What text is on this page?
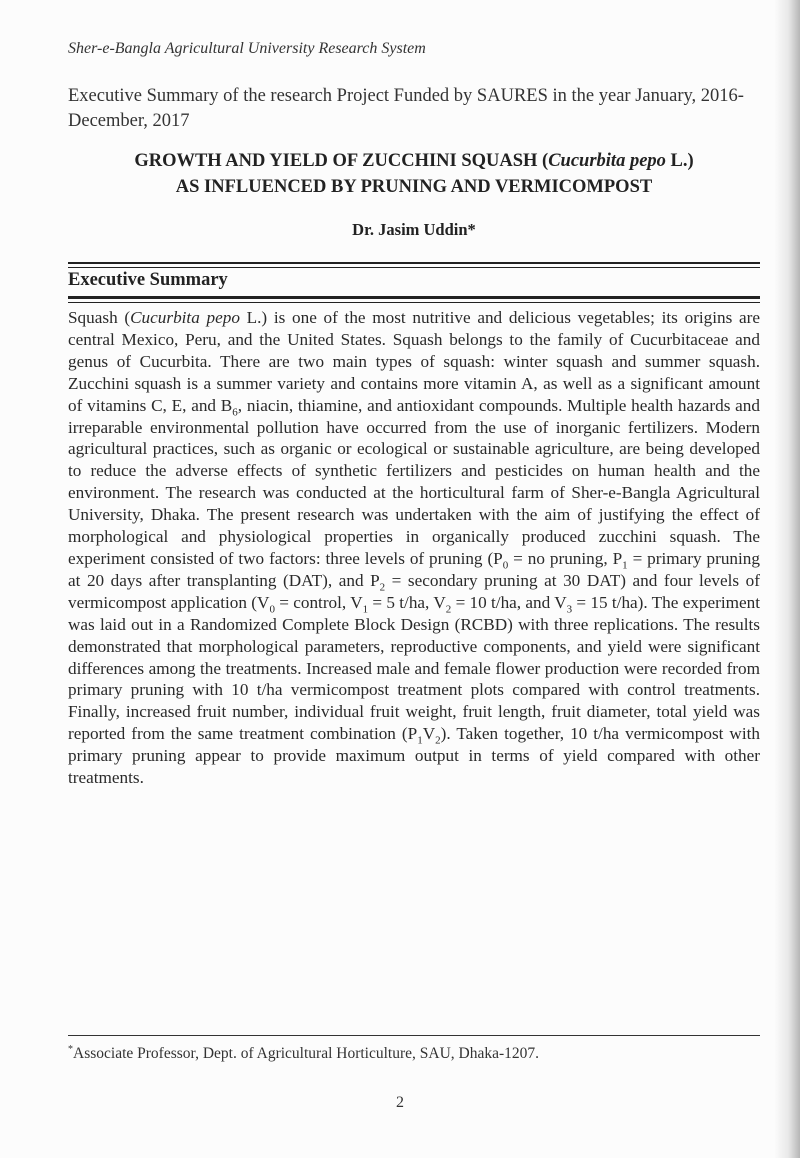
Sher-e-Bangla Agricultural University Research System
Executive Summary of the research Project Funded by SAURES in the year January, 2016-December, 2017
GROWTH AND YIELD OF ZUCCHINI SQUASH (Cucurbita pepo L.)
AS INFLUENCED BY PRUNING AND VERMICOMPOST
Dr. Jasim Uddin*
Executive Summary
Squash (Cucurbita pepo L.) is one of the most nutritive and delicious vegetables; its origins are central Mexico, Peru, and the United States. Squash belongs to the family of Cucurbitaceae and genus of Cucurbita. There are two main types of squash: winter squash and summer squash. Zucchini squash is a summer variety and contains more vitamin A, as well as a significant amount of vitamins C, E, and $B_6$, niacin, thiamine, and antioxidant compounds. Multiple health hazards and irreparable environmental pollution have occurred from the use of inorganic fertilizers. Modern agricultural practices, such as organic or ecological or sustainable agriculture, are being developed to reduce the adverse effects of synthetic fertilizers and pesticides on human health and the environment. The research was conducted at the horticultural farm of Sher-e-Bangla Agricultural University, Dhaka. The present research was undertaken with the aim of justifying the effect of morphological and physiological properties in organically produced zucchini squash. The experiment consisted of two factors: three levels of pruning ($P_0$ = no pruning, $P_1$ = primary pruning at 20 days after transplanting (DAT), and $P_2$ = secondary pruning at 30 DAT) and four levels of vermicompost application ($V_0$ = control, $V_1 = 5$ t/ha, $V_2 = 10$ t/ha, and $V_3 = 15$ t/ha). The experiment was laid out in a Randomized Complete Block Design (RCBD) with three replications. The results demonstrated that morphological parameters, reproductive components, and yield were significant differences among the treatments. Increased male and female flower production were recorded from primary pruning with 10 t/ha vermicompost treatment plots compared with control treatments. Finally, increased fruit number, individual fruit weight, fruit length, fruit diameter, total yield was reported from the same treatment combination $(P_1V_2)$. Taken together, 10 t/ha vermicompost with primary pruning appear to provide maximum output in terms of yield compared with other treatments.
*Associate Professor, Dept. of Agricultural Horticulture, SAU, Dhaka-1207.
2
